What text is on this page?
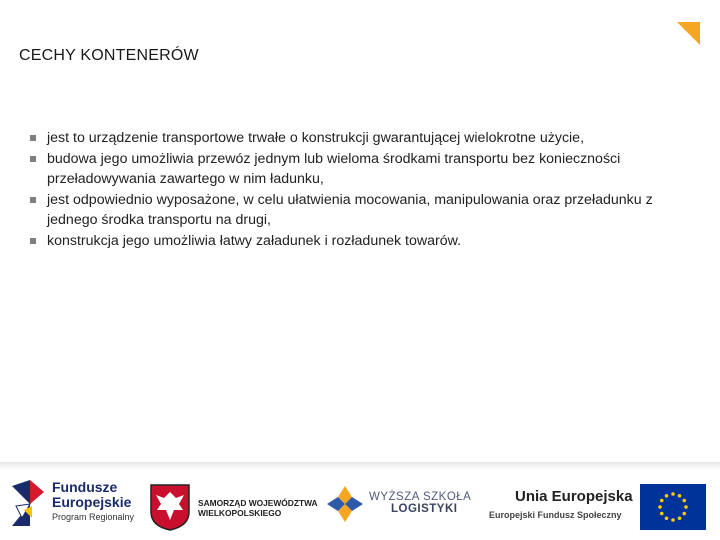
CECHY KONTENERÓW
jest to urządzenie transportowe trwałe o konstrukcji gwarantującej wielokrotne użycie,
budowa jego umożliwia przewóz jednym lub wieloma środkami transportu bez konieczności przeładowywania zawartego w nim ładunku,
jest odpowiednio wyposażone, w celu ułatwienia mocowania, manipulowania oraz przeładunku z jednego środka transportu na drugi,
konstrukcja jego umożliwia łatwy załadunek i rozładunek towarów.
Fundusze
Europejskie
Program Regionalny
SAMORZĄD WOJEWÓDZTWA
WIELKOPOLSKIEGO
WYŻSZA SZKOŁA
LOGISTYKI
Unia Europejska
Europejski Fundusz Społeczny
